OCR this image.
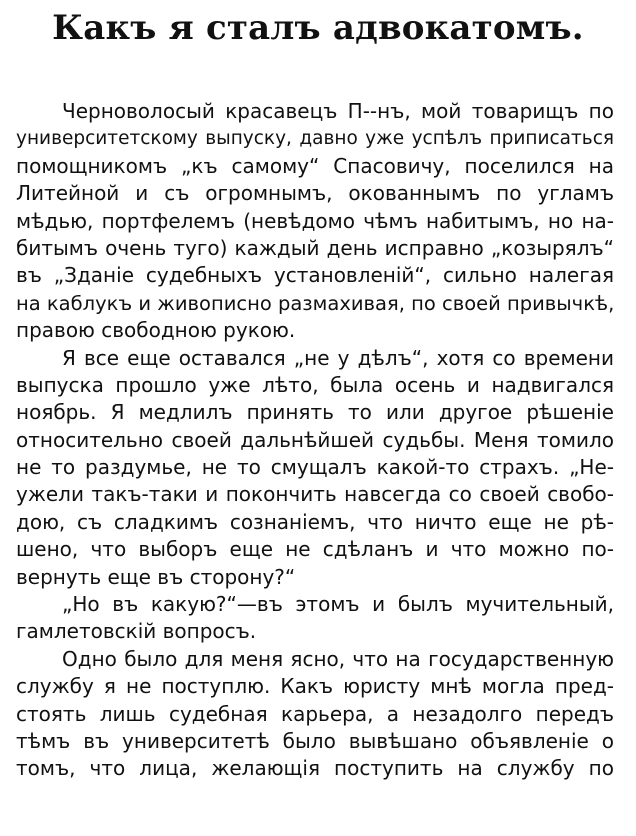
Какъ я сталъ адвокатомъ.
Черноволосый красавецъ П--нъ, мой товарищъ по
университетскому выпуску, давно уже успѣлъ приписаться
помощникомъ „къ самому“ Спасовичу, поселился на
Литейной и съ огромнымъ, окованнымъ по угламъ
мѣдью, портфелемъ (невѣдомо чѣмъ набитымъ, но на-
битымъ очень туго) каждый день исправно „козырялъ“
въ „Зданіе судебныхъ установленій“, сильно налегая
на каблукъ и живописно размахивая, по своей привычкѣ,
правою свободною рукою.
Я все еще оставался „не у дѣлъ“, хотя со времени
выпуска прошло уже лѣто, была осень и надвигался
ноябрь. Я медлилъ принять то или другое рѣшеніе
относительно своей дальнѣйшей судьбы. Меня томило
не то раздумье, не то смущалъ какой-то страхъ. „Не-
ужели такъ-таки и покончить навсегда со своей свобо-
дою, съ сладкимъ сознаніемъ, что ничто еще не рѣ-
шено, что выборъ еще не сдѣланъ и что можно по-
вернуть еще въ сторону?“
„Но въ какую?“—въ этомъ и былъ мучительный,
гамлетовскій вопросъ.
Одно было для меня ясно, что на государственную
службу я не поступлю. Какъ юристу мнѣ могла пред-
стоять лишь судебная карьера, а незадолго передъ
тѣмъ въ университетѣ было вывѣшано объявленіе о
томъ, что лица, желающія поступить на службу по
